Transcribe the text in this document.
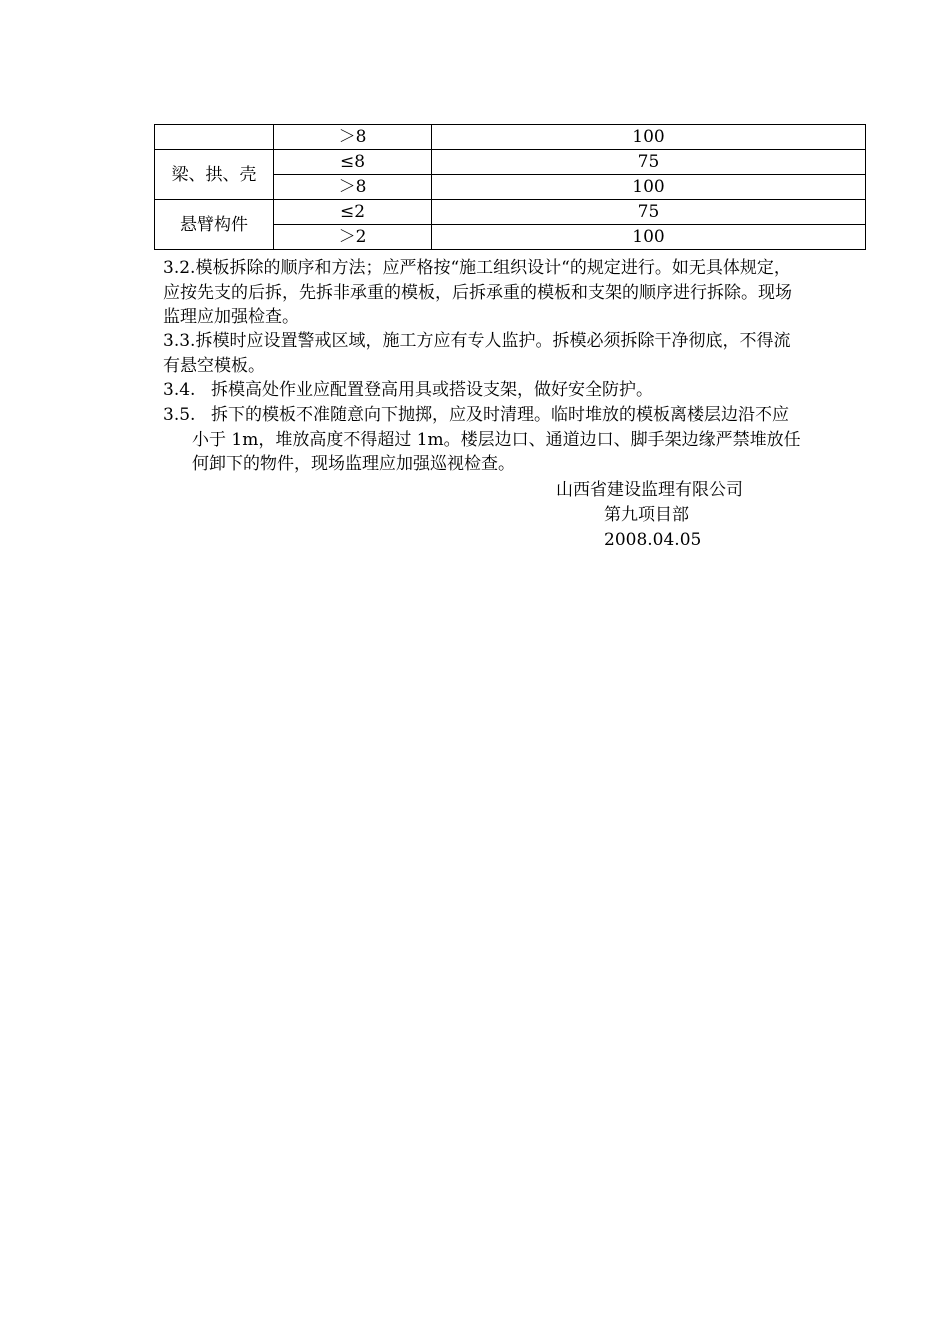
	＞8	100
梁、拱、壳	≤8	75
	＞8	100
悬臂构件	≤2	75
	＞2	100
3.2.模板拆除的顺序和方法；应严格按“施工组织设计“的规定进行。如无具体规定，
应按先支的后拆，先拆非承重的模板，后拆承重的模板和支架的顺序进行拆除。现场
监理应加强检查。
3.3.拆模时应设置警戒区域，施工方应有专人监护。拆模必须拆除干净彻底，不得流
有悬空模板。
3.4. 拆模高处作业应配置登高用具或搭设支架，做好安全防护。
3.5. 拆下的模板不准随意向下抛掷，应及时清理。临时堆放的模板离楼层边沿不应
小于 1m，堆放高度不得超过 1m。楼层边口、通道边口、脚手架边缘严禁堆放任
何卸下的物件，现场监理应加强巡视检查。
山西省建设监理有限公司
第九项目部
2008.04.05
